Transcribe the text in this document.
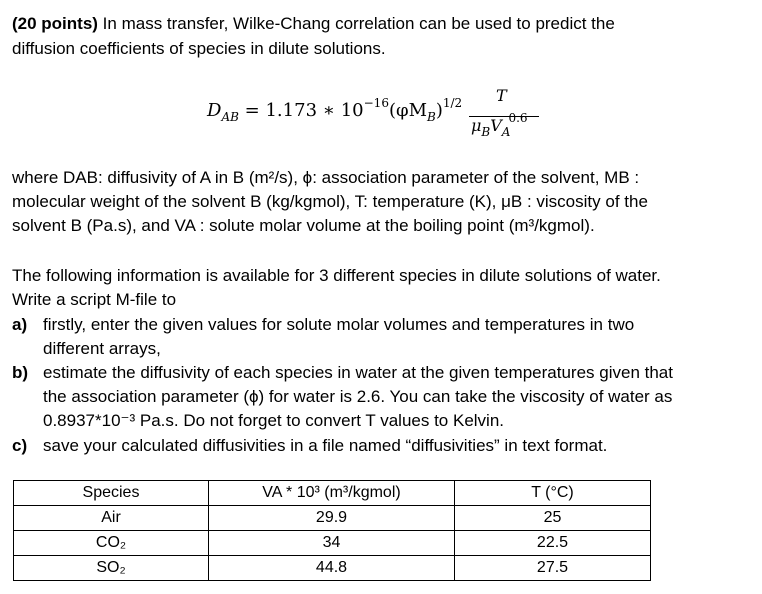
(20 points) In mass transfer, Wilke-Chang correlation can be used to predict the
diffusion coefficients of species in dilute solutions.
$D_{AB} = 1.173$ ∗ $10^{-16}(\varphi M_B)^{1/2}$ T
$\mu_BV_A^{0.6}$
where DAB: diffusivity of A in B (m²/s), ϕ: association parameter of the solvent, MB :
molecular weight of the solvent B (kg/kgmol), T: temperature (K), μB : viscosity of the
solvent B (Pa.s), and VA : solute molar volume at the boiling point (m³/kgmol).
The following information is available for 3 different species in dilute solutions of water.
Write a script M-file to
a) firstly, enter the given values for solute molar volumes and temperatures in two
different arrays,
b) estimate the diffusivity of each species in water at the given temperatures given that
the association parameter (ϕ) for water is 2.6. You can take the viscosity of water as
0.8937*10⁻³ Pa.s. Do not forget to convert T values to Kelvin.
c) save your calculated diffusivities in a file named “diffusivities” in text format.
Species	VA * 10³ (m³/kgmol)	T (°C)
Air	29.9	25
CO₂	34	22.5
SO₂	44.8	27.5
